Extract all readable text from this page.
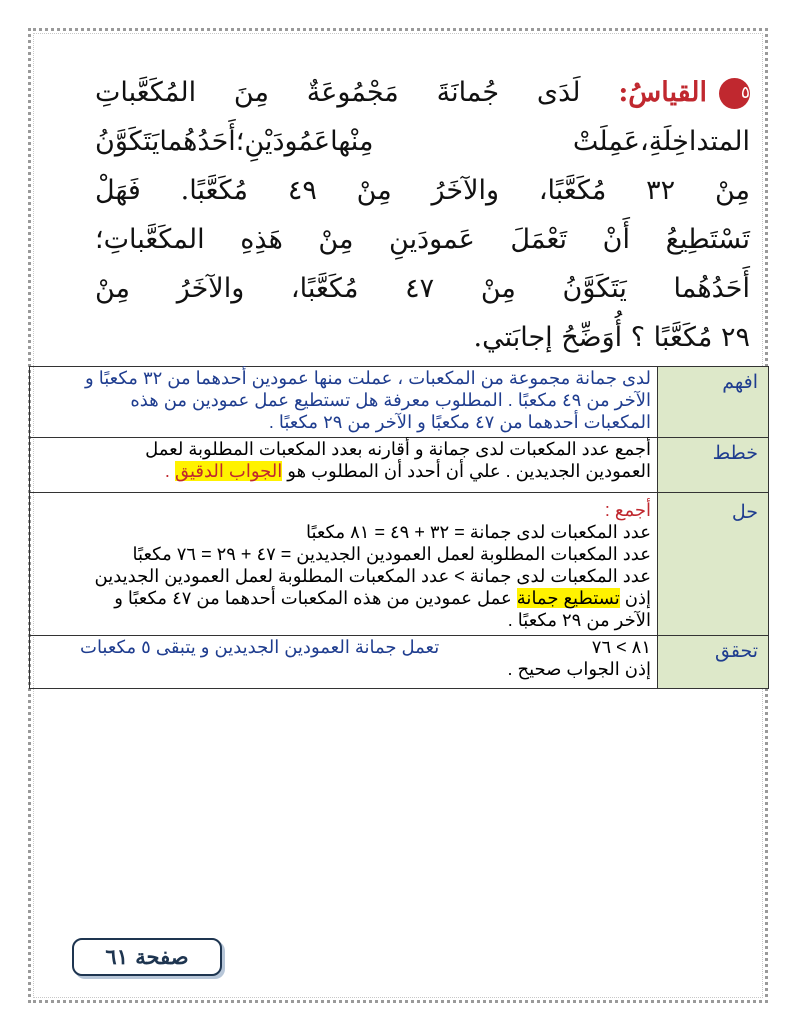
٥القياسُ: لَدَى جُمانَةَ مَجْمُوعَةٌ مِنَ المُكَعَّباتِ
المتداخِلَةِ،عَمِلَتْ مِنْهاعَمُودَيْنِ؛أَحَدُهُمايَتَكَوَّنُ
مِنْ ٣٢ مُكَعَّبًا، والآخَرُ مِنْ ٤٩ مُكَعَّبًا. فَهَلْ
تَسْتَطِيعُ أَنْ تَعْمَلَ عَمودَينِ مِنْ هَذِهِ المكَعَّباتِ؛
أَحَدُهُما يَتَكَوَّنُ مِنْ ٤٧ مُكَعَّبًا، والآخَرُ مِنْ
٢٩ مُكَعَّبًا ؟ أُوَضِّحُ إجابَتي.
افهم	لدى جمانة مجموعة من المكعبات ، عملت منها عمودين أحدهما من ٣٢ مكعبًا و الآخر من ٤٩ مكعبًا . المطلوب معرفة هل تستطيع عمل عمودين من هذه المكعبات أحدهما من ٤٧ مكعبًا و الآخر من ٢٩ مكعبًا .
خطط	أجمع عدد المكعبات لدى جمانة و أقارنه بعدد المكعبات المطلوبة لعمل العمودين الجديدين . علي أن أحدد أن المطلوب هو الجواب الدقيق .
حل	أجمع :
عدد المكعبات لدى جمانة = ٣٢ + ٤٩ = ٨١ مكعبًا
عدد المكعبات المطلوبة لعمل العمودين الجديدين = ٤٧ + ٢٩ = ٧٦ مكعبًا
عدد المكعبات لدى جمانة > عدد المكعبات المطلوبة لعمل العمودين الجديدين
إذن تستطيع جمانة عمل عمودين من هذه المكعبات أحدهما من ٤٧ مكعبًا و الآخر من ٢٩ مكعبًا .

تحقق	٨١ > ٧٦
تعمل جمانة العمودين الجديدين و يتبقى ٥ مكعبات
إذن الجواب صحيح .
صفحة ٦١
